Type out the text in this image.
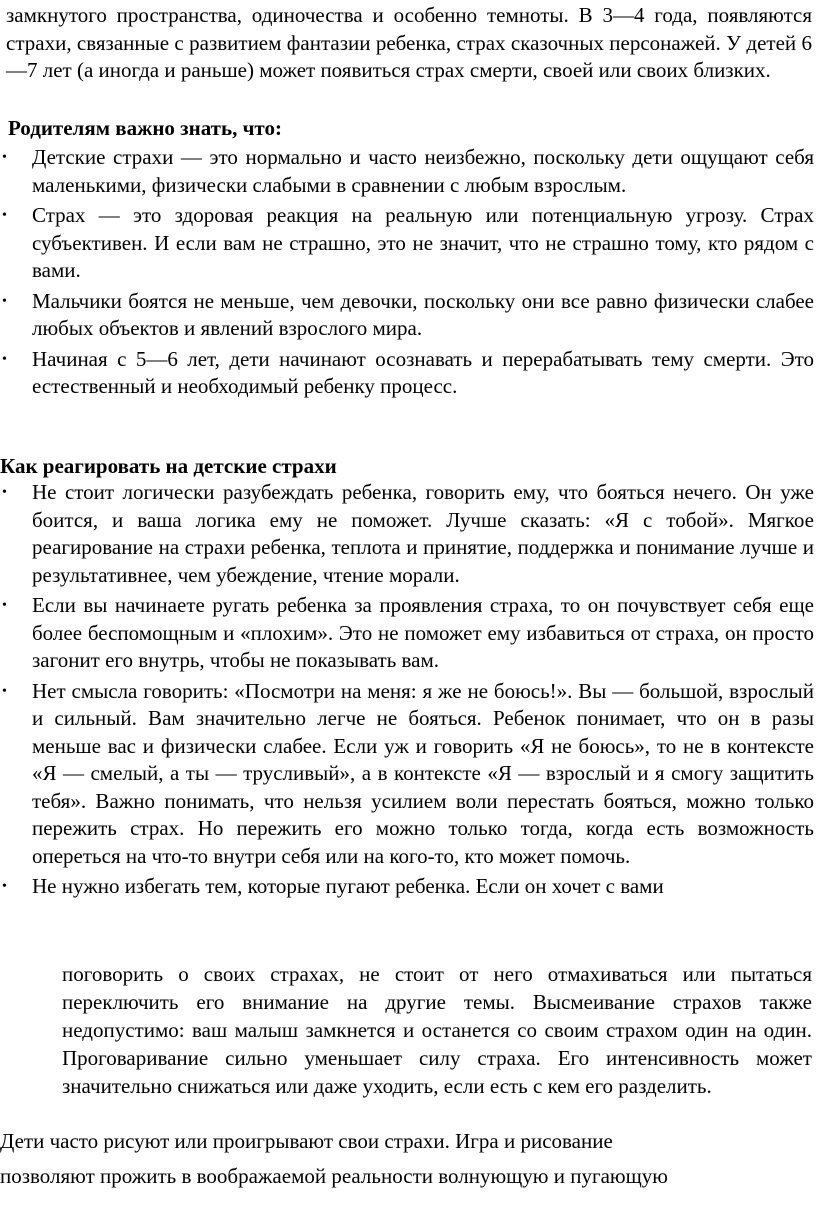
замкнутого пространства, одиночества и особенно темноты. В 3—4 года, появляются страхи, связанные с развитием фантазии ребенка, страх сказочных персонажей. У детей 6—7 лет (а иногда и раньше) может появиться страх смерти, своей или своих близких.

Родителям важно знать, что:
• Детские страхи — это нормально и часто неизбежно, поскольку дети ощущают себя маленькими, физически слабыми в сравнении с любым взрослым.
• Страх — это здоровая реакция на реальную или потенциальную угрозу. Страх субъективен. И если вам не страшно, это не значит, что не страшно тому, кто рядом с вами.
• Мальчики боятся не меньше, чем девочки, поскольку они все равно физически слабее любых объектов и явлений взрослого мира.
• Начиная с 5—6 лет, дети начинают осознавать и перерабатывать тему смерти. Это естественный и необходимый ребенку процесс.
Как реагировать на детские страхи
• Не стоит логически разубеждать ребенка, говорить ему, что бояться нечего. Он уже боится, и ваша логика ему не поможет. Лучше сказать: «Я с тобой». Мягкое реагирование на страхи ребенка, теплота и принятие, поддержка и понимание лучше и результативнее, чем убеждение, чтение морали.
• Если вы начинаете ругать ребенка за проявления страха, то он почувствует себя еще более беспомощным и «плохим». Это не поможет ему избавиться от страха, он просто загонит его внутрь, чтобы не показывать вам.
• Нет смысла говорить: «Посмотри на меня: я же не боюсь!». Вы — большой, взрослый и сильный. Вам значительно легче не бояться. Ребенок понимает, что он в разы меньше вас и физически слабее. Если уж и говорить «Я не боюсь», то не в контексте «Я — смелый, а ты — трусливый», а в контексте «Я — взрослый и я смогу защитить тебя». Важно понимать, что нельзя усилием воли перестать бояться, можно только пережить страх. Но пережить его можно только тогда, когда есть возможность опереться на что-то внутри себя или на кого-то, кто может помочь.
• Не нужно избегать тем, которые пугают ребенка. Если он хочет с вами

поговорить о своих страхах, не стоит от него отмахиваться или пытаться переключить его внимание на другие темы. Высмеивание страхов также недопустимо: ваш малыш замкнется и останется со своим страхом один на один. Проговаривание сильно уменьшает силу страха. Его интенсивность может значительно снижаться или даже уходить, если есть с кем его разделить.

Дети часто рисуют или проигрывают свои страхи. Игра и рисование

позволяют прожить в воображаемой реальности волнующую и пугающую
